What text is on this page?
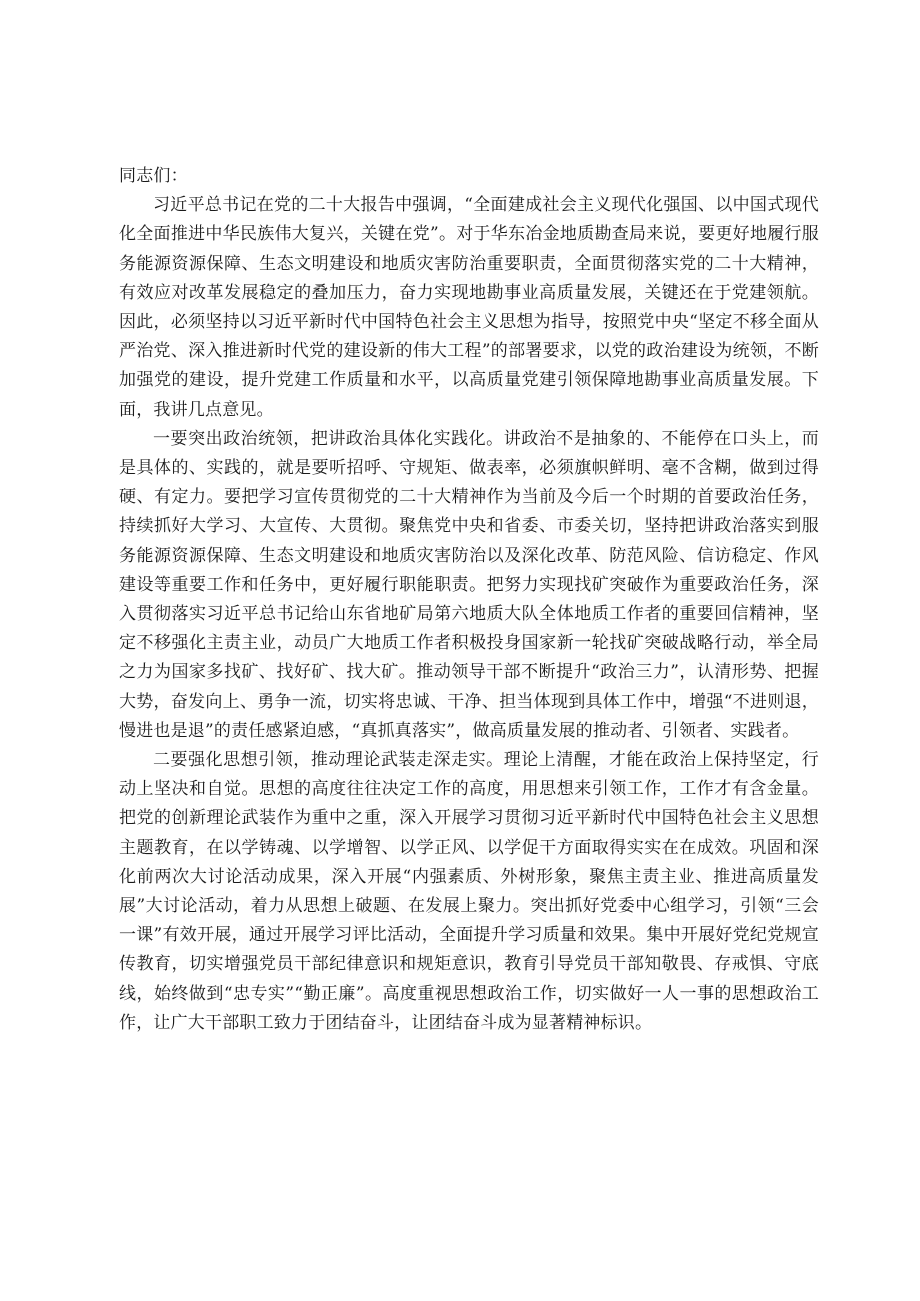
同志们：

习近平总书记在党的二十大报告中强调，“全面建成社会主义现代化强国、以中国式现代化全面推进中华民族伟大复兴，关键在党”。对于华东冶金地质勘查局来说，要更好地履行服务能源资源保障、生态文明建设和地质灾害防治重要职责，全面贯彻落实党的二十大精神，有效应对改革发展稳定的叠加压力，奋力实现地勘事业高质量发展，关键还在于党建领航。因此，必须坚持以习近平新时代中国特色社会主义思想为指导，按照党中央“坚定不移全面从严治党、深入推进新时代党的建设新的伟大工程”的部署要求，以党的政治建设为统领，不断加强党的建设，提升党建工作质量和水平，以高质量党建引领保障地勘事业高质量发展。下面，我讲几点意见。

一要突出政治统领，把讲政治具体化实践化。讲政治不是抽象的、不能停在口头上，而是具体的、实践的，就是要听招呼、守规矩、做表率，必须旗帜鲜明、毫不含糊，做到过得硬、有定力。要把学习宣传贯彻党的二十大精神作为当前及今后一个时期的首要政治任务，持续抓好大学习、大宣传、大贯彻。聚焦党中央和省委、市委关切，坚持把讲政治落实到服务能源资源保障、生态文明建设和地质灾害防治以及深化改革、防范风险、信访稳定、作风建设等重要工作和任务中，更好履行职能职责。把努力实现找矿突破作为重要政治任务，深入贯彻落实习近平总书记给山东省地矿局第六地质大队全体地质工作者的重要回信精神，坚定不移强化主责主业，动员广大地质工作者积极投身国家新一轮找矿突破战略行动，举全局之力为国家多找矿、找好矿、找大矿。推动领导干部不断提升“政治三力”，认清形势、把握大势，奋发向上、勇争一流，切实将忠诚、干净、担当体现到具体工作中，增强“不进则退，慢进也是退”的责任感紧迫感，“真抓真落实”，做高质量发展的推动者、引领者、实践者。

二要强化思想引领，推动理论武装走深走实。理论上清醒，才能在政治上保持坚定，行动上坚决和自觉。思想的高度往往决定工作的高度，用思想来引领工作，工作才有含金量。把党的创新理论武装作为重中之重，深入开展学习贯彻习近平新时代中国特色社会主义思想主题教育，在以学铸魂、以学增智、以学正风、以学促干方面取得实实在在成效。巩固和深化前两次大讨论活动成果，深入开展“内强素质、外树形象，聚焦主责主业、推进高质量发展”大讨论活动，着力从思想上破题、在发展上聚力。突出抓好党委中心组学习，引领“三会一课”有效开展，通过开展学习评比活动，全面提升学习质量和效果。集中开展好党纪党规宣传教育，切实增强党员干部纪律意识和规矩意识，教育引导党员干部知敬畏、存戒惧、守底线，始终做到“忠专实”“勤正廉”。高度重视思想政治工作，切实做好一人一事的思想政治工作，让广大干部职工致力于团结奋斗，让团结奋斗成为显著精神标识。
